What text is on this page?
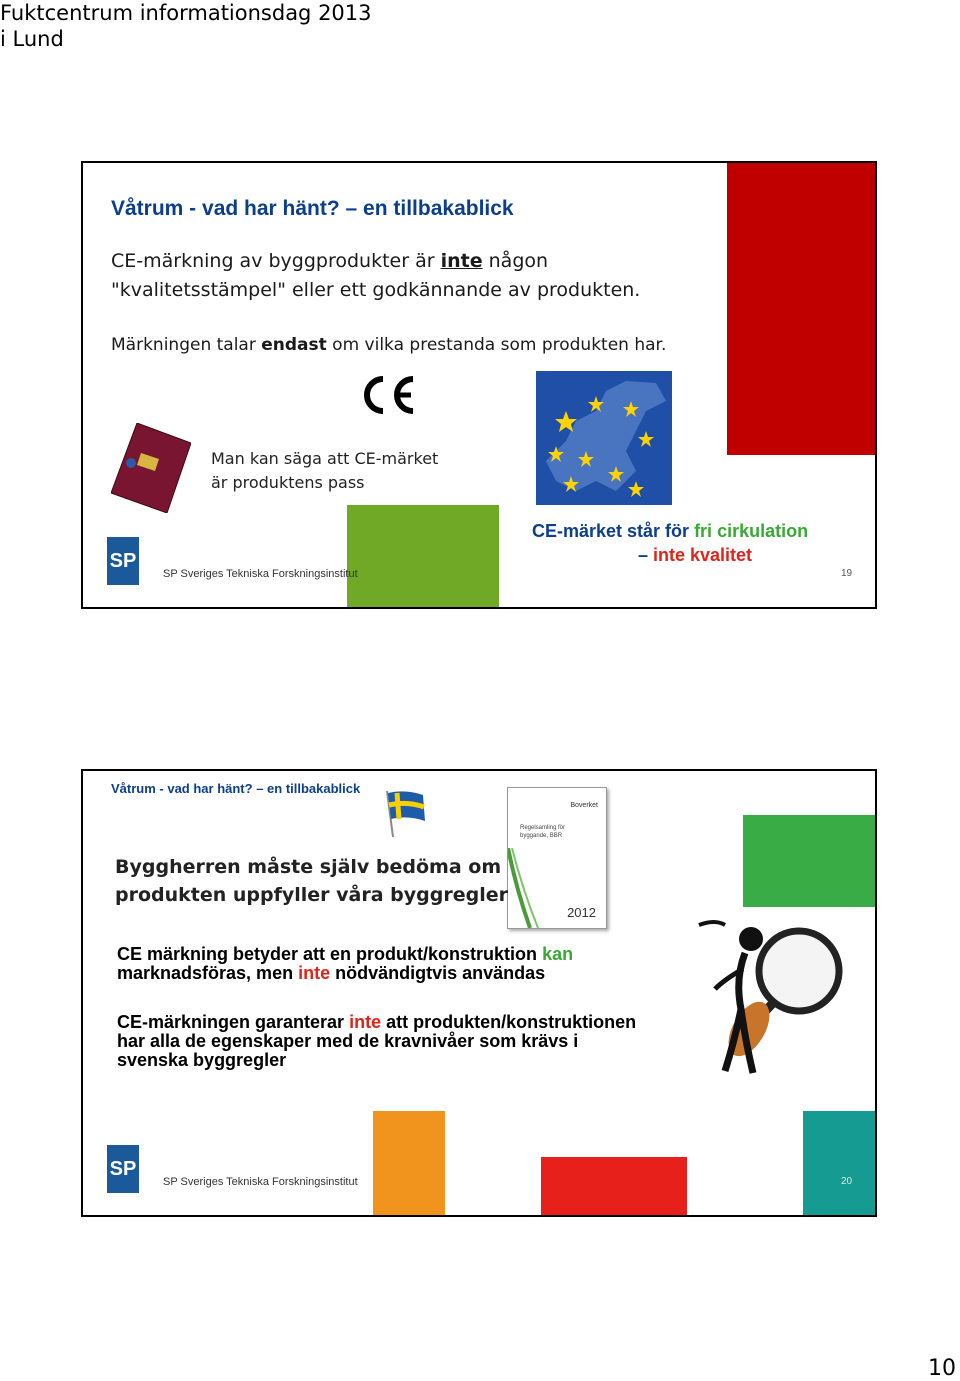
Fuktcentrum informationsdag 2013 i Lund
Våtrum - vad har hänt? – en tillbakablick
CE-märkning av byggprodukter är inte någon
"kvalitetsstämpel" eller ett godkännande av produkten.
Märkningen talar endast om vilka prestanda som produkten har.
Man kan säga att CE-märket
är produktens pass
CE-märket står för fri cirkulation
– inte kvalitet
SP
SP Sveriges Tekniska Forskningsinstitut	19
Våtrum - vad har hänt? – en tillbakablick
Boverket
Regelsamling för
byggande, BBR
2012
Byggherren måste själv bedöma om
produkten uppfyller våra byggregler
CE märkning betyder att en produkt/konstruktion kan
marknadsföras, men inte nödvändigtvis användas
CE-märkningen garanterar inte att produkten/konstruktionen
har alla de egenskaper med de kravnivåer som krävs i
svenska byggregler
SP
SP Sveriges Tekniska Forskningsinstitut	20
10
